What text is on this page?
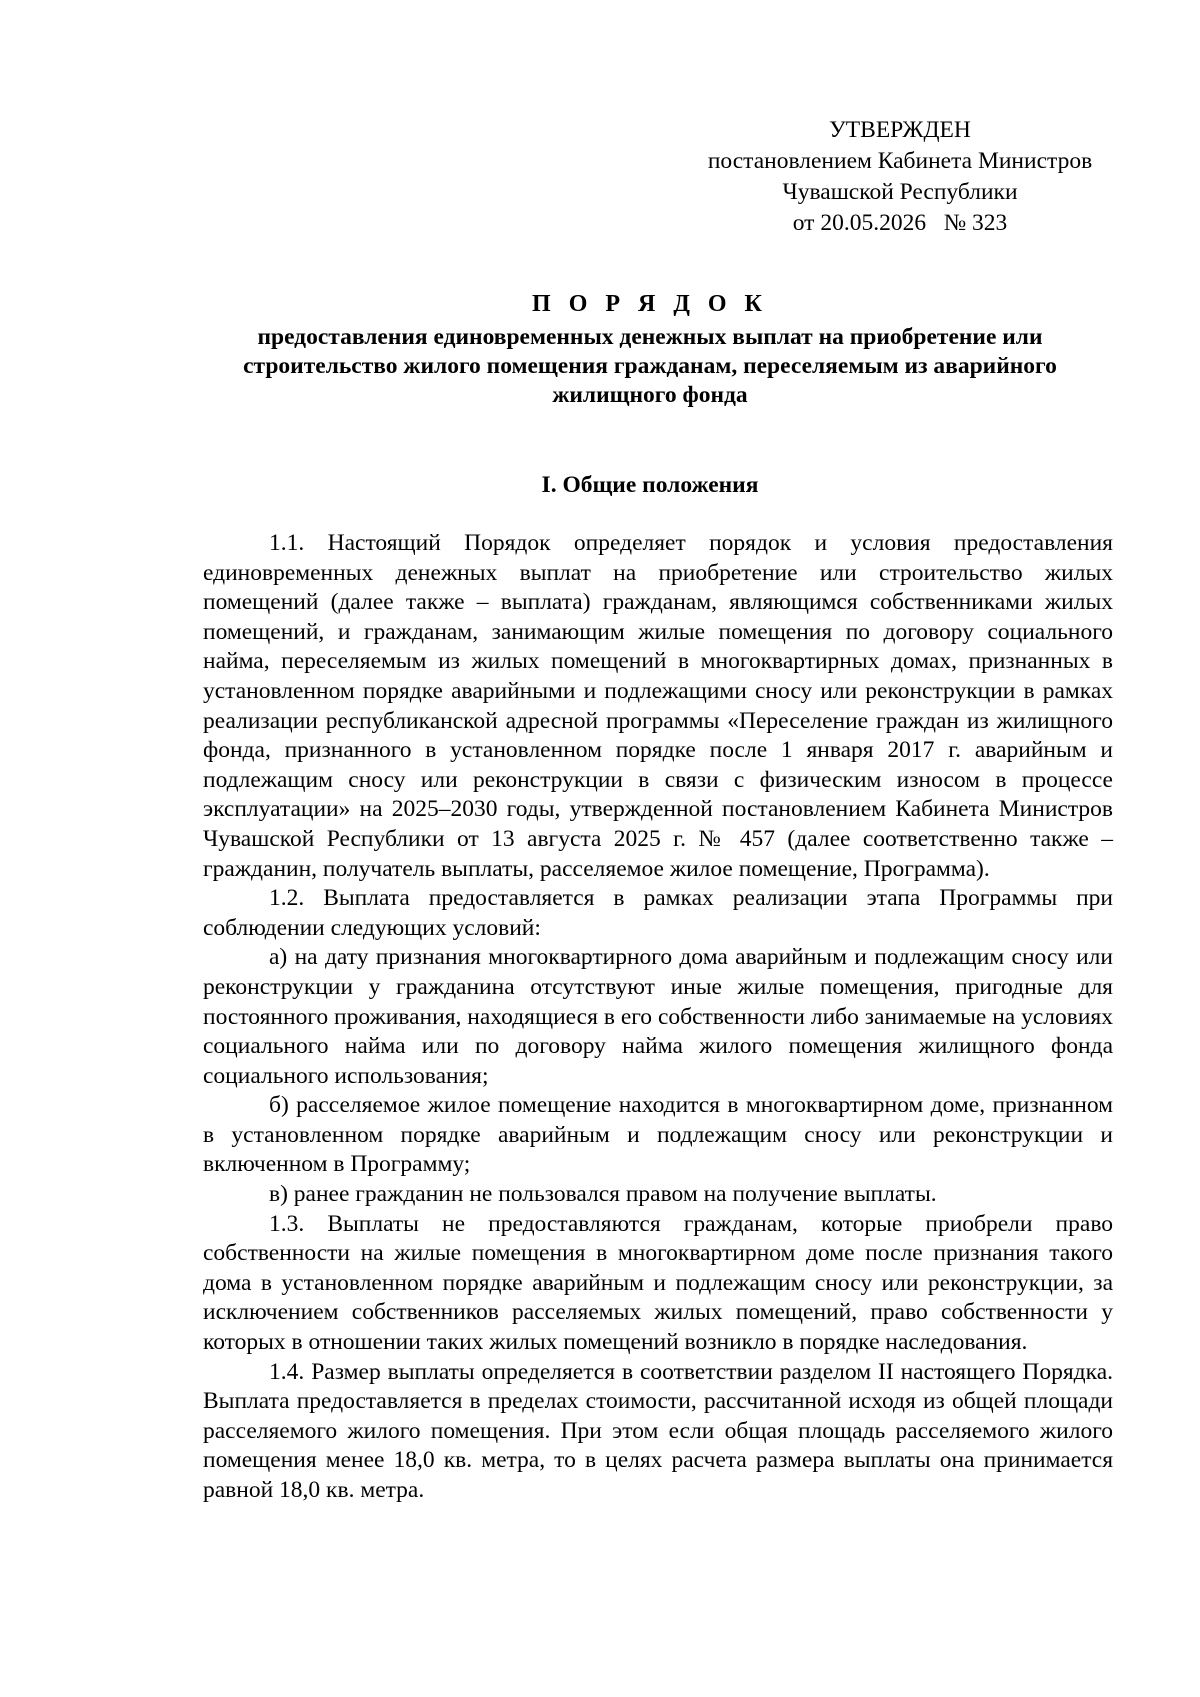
УТВЕРЖДЕН
постановлением Кабинета Министров
Чувашской Республики
от 20.05.2026   № 323
П О Р Я Д О К
предоставления единовременных денежных выплат на приобретение или
строительство жилого помещения гражданам, переселяемым из аварийного
жилищного фонда
I. Общие положения

1.1. Настоящий Порядок определяет порядок и условия предоставления единовременных денежных выплат на приобретение или строительство жилых помещений (далее также – выплата) гражданам, являющимся собственниками жилых помещений, и гражданам, занимающим жилые помещения по договору социального найма, переселяемым из жилых помещений в многоквартирных домах, признанных в установленном порядке аварийными и подлежащими сносу или реконструкции в рамках реализации республиканской адресной программы «Переселение граждан из жилищного фонда, признанного в установленном порядке после 1 января 2017 г. аварийным и подлежащим сносу или реконструкции в связи с физическим износом в процессе эксплуатации» на 2025–2030 годы, утвержденной постановлением Кабинета Министров Чувашской Республики от 13 августа 2025 г. № 457 (далее соответственно также – гражданин, получатель выплаты, расселяемое жилое помещение, Программа).

1.2. Выплата предоставляется в рамках реализации этапа Программы при соблюдении следующих условий:

а) на дату признания многоквартирного дома аварийным и подлежащим сносу или реконструкции у гражданина отсутствуют иные жилые помещения, пригодные для постоянного проживания, находящиеся в его собственности либо занимаемые на условиях социального найма или по договору найма жилого помещения жилищного фонда социального использования;

б) расселяемое жилое помещение находится в многоквартирном доме, признанном в установленном порядке аварийным и подлежащим сносу или реконструкции и включенном в Программу;

в) ранее гражданин не пользовался правом на получение выплаты.

1.3. Выплаты не предоставляются гражданам, которые приобрели право собственности на жилые помещения в многоквартирном доме после признания такого дома в установленном порядке аварийным и подлежащим сносу или реконструкции, за исключением собственников расселяемых жилых помещений, право собственности у которых в отношении таких жилых помещений возникло в порядке наследования.

1.4. Размер выплаты определяется в соответствии разделом II настоящего Порядка. Выплата предоставляется в пределах стоимости, рассчитанной исходя из общей площади расселяемого жилого помещения. При этом если общая площадь расселяемого жилого помещения менее 18,0 кв. метра, то в целях расчета размера выплаты она принимается равной 18,0 кв. метра.
